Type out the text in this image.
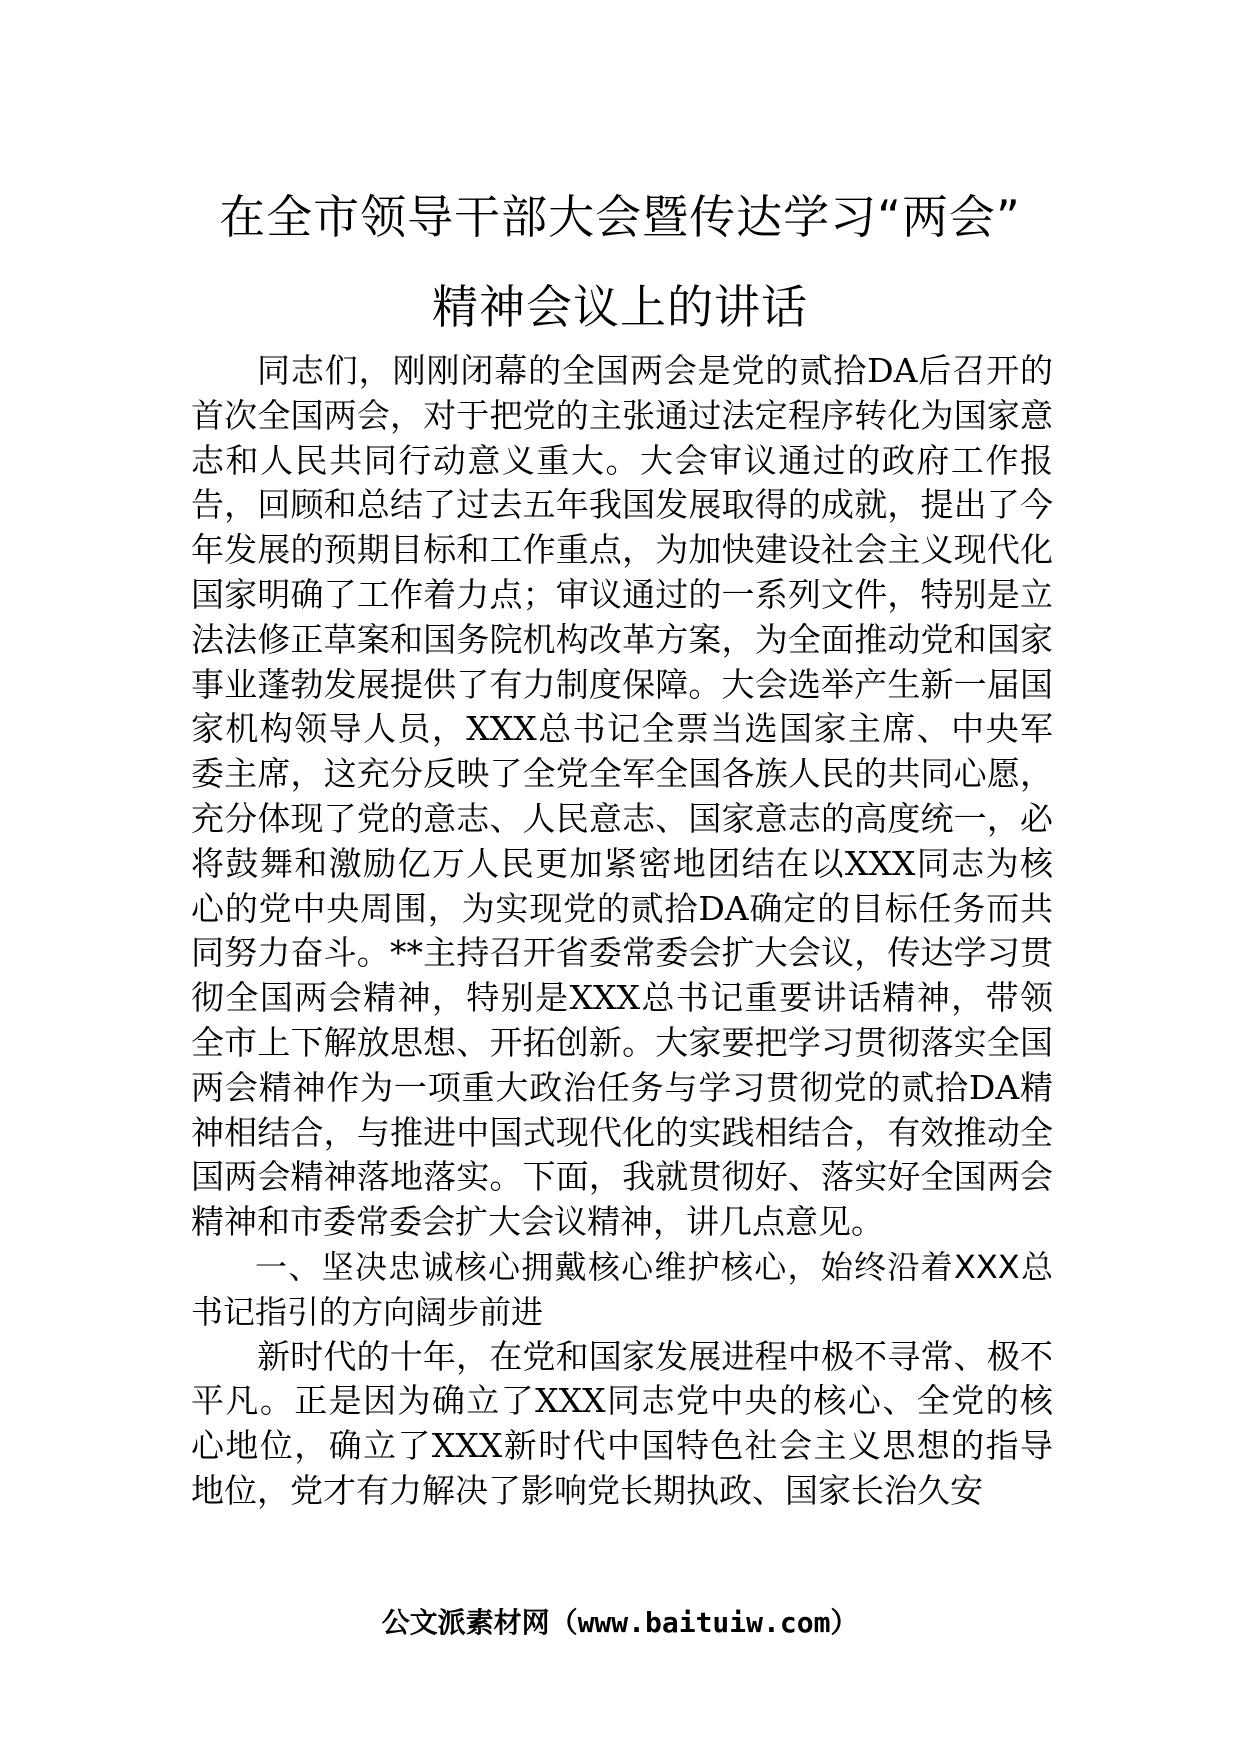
在全市领导干部大会暨传达学习“两会”
精神会议上的讲话

同志们，刚刚闭幕的全国两会是党的贰拾DA后召开的首次全国两会，对于把党的主张通过法定程序转化为国家意志和人民共同行动意义重大。大会审议通过的政府工作报告，回顾和总结了过去五年我国发展取得的成就，提出了今年发展的预期目标和工作重点，为加快建设社会主义现代化国家明确了工作着力点；审议通过的一系列文件，特别是立法法修正草案和国务院机构改革方案，为全面推动党和国家事业蓬勃发展提供了有力制度保障。大会选举产生新一届国家机构领导人员，XXX总书记全票当选国家主席、中央军委主席，这充分反映了全党全军全国各族人民的共同心愿，充分体现了党的意志、人民意志、国家意志的高度统一，必将鼓舞和激励亿万人民更加紧密地团结在以XXX同志为核心的党中央周围，为实现党的贰拾DA确定的目标任务而共同努力奋斗。**主持召开省委常委会扩大会议，传达学习贯彻全国两会精神，特别是XXX总书记重要讲话精神，带领全市上下解放思想、开拓创新。大家要把学习贯彻落实全国两会精神作为一项重大政治任务与学习贯彻党的贰拾DA精神相结合，与推进中国式现代化的实践相结合，有效推动全国两会精神落地落实。下面，我就贯彻好、落实好全国两会精神和市委常委会扩大会议精神，讲几点意见。

一、坚决忠诚核心拥戴核心维护核心，始终沿着XXX总书记指引的方向阔步前进

新时代的十年，在党和国家发展进程中极不寻常、极不平凡。正是因为确立了XXX同志党中央的核心、全党的核心地位，确立了XXX新时代中国特色社会主义思想的指导地位，党才有力解决了影响党长期执政、国家长治久安

公文派素材网（www.baituiw.com）
